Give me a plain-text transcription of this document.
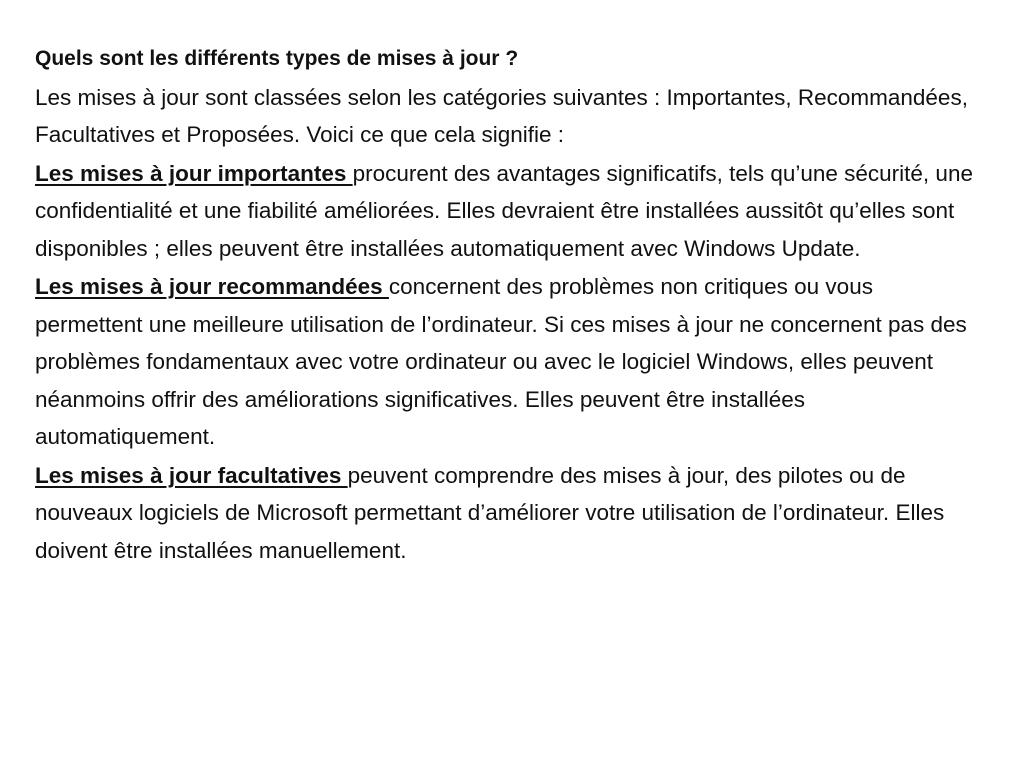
Quels sont les différents types de mises à jour ?

Les mises à jour sont classées selon les catégories suivantes : Importantes, Recommandées, Facultatives et Proposées. Voici ce que cela signifie :

Les mises à jour importantes procurent des avantages significatifs, tels qu’une sécurité, une confidentialité et une fiabilité améliorées. Elles devraient être installées aussitôt qu’elles sont disponibles ; elles peuvent être installées automatiquement avec Windows Update.

Les mises à jour recommandées concernent des problèmes non critiques ou vous permettent une meilleure utilisation de l’ordinateur. Si ces mises à jour ne concernent pas des problèmes fondamentaux avec votre ordinateur ou avec le logiciel Windows, elles peuvent néanmoins offrir des améliorations significatives. Elles peuvent être installées automatiquement.

Les mises à jour facultatives peuvent comprendre des mises à jour, des pilotes ou de nouveaux logiciels de Microsoft permettant d’améliorer votre utilisation de l’ordinateur. Elles doivent être installées manuellement.
